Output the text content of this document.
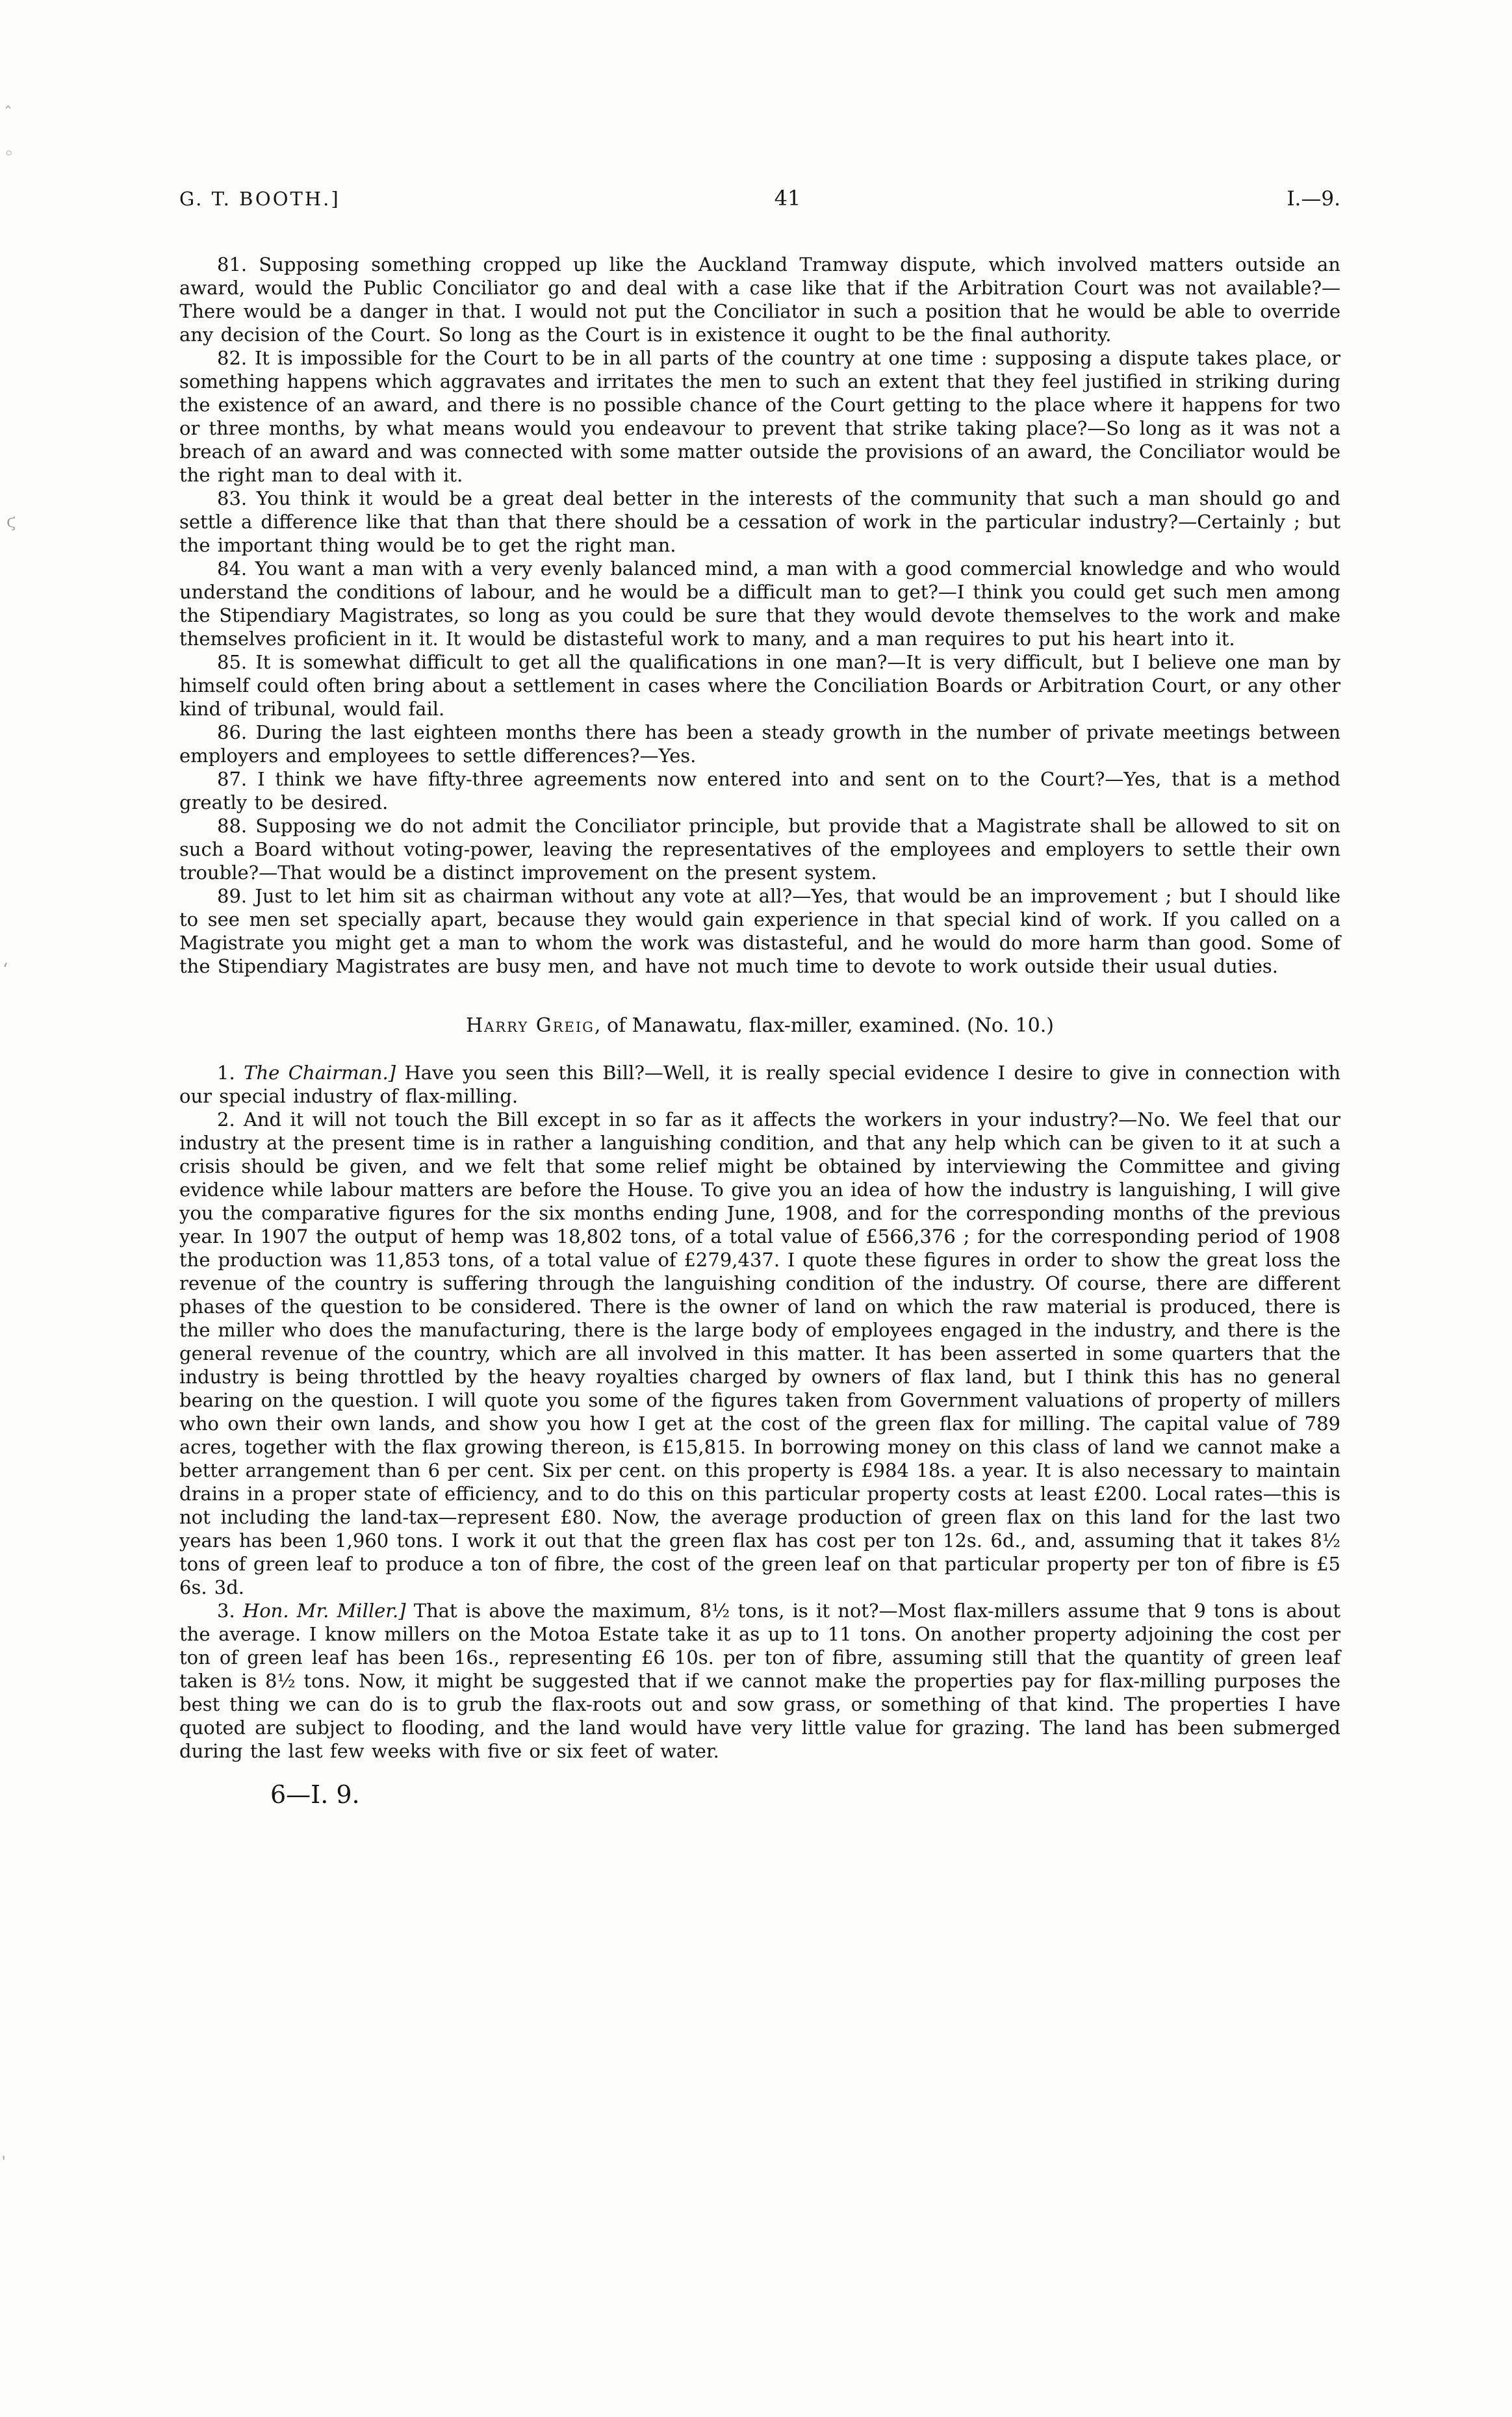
‸
◦
ϛ
ʻ
ˌ
G. T. BOOTH.]	41	I.—9.

81. Supposing something cropped up like the Auckland Tramway dispute, which involved matters outside an award, would the Public Conciliator go and deal with a case like that if the Arbitration Court was not available?—There would be a danger in that. I would not put the Conciliator in such a position that he would be able to override any decision of the Court. So long as the Court is in existence it ought to be the final authority.

82. It is impossible for the Court to be in all parts of the country at one time : supposing a dispute takes place, or something happens which aggravates and irritates the men to such an extent that they feel justified in striking during the existence of an award, and there is no possible chance of the Court getting to the place where it happens for two or three months, by what means would you endeavour to prevent that strike taking place?—So long as it was not a breach of an award and was connected with some matter outside the provisions of an award, the Conciliator would be the right man to deal with it.

83. You think it would be a great deal better in the interests of the community that such a man should go and settle a difference like that than that there should be a cessation of work in the particular industry?—Certainly ; but the important thing would be to get the right man.

84. You want a man with a very evenly balanced mind, a man with a good commercial knowledge and who would understand the conditions of labour, and he would be a difficult man to get?—I think you could get such men among the Stipendiary Magistrates, so long as you could be sure that they would devote themselves to the work and make themselves proficient in it. It would be distasteful work to many, and a man requires to put his heart into it.

85. It is somewhat difficult to get all the qualifications in one man?—It is very difficult, but I believe one man by himself could often bring about a settlement in cases where the Conciliation Boards or Arbitration Court, or any other kind of tribunal, would fail.

86. During the last eighteen months there has been a steady growth in the number of private meetings between employers and employees to settle differences?—Yes.

87. I think we have fifty-three agreements now entered into and sent on to the Court?—Yes, that is a method greatly to be desired.

88. Supposing we do not admit the Conciliator principle, but provide that a Magistrate shall be allowed to sit on such a Board without voting-power, leaving the representatives of the employees and employers to settle their own trouble?—That would be a distinct improvement on the present system.

89. Just to let him sit as chairman without any vote at all?—Yes, that would be an improvement ; but I should like to see men set specially apart, because they would gain experience in that special kind of work. If you called on a Magistrate you might get a man to whom the work was distasteful, and he would do more harm than good. Some of the Stipendiary Magistrates are busy men, and have not much time to devote to work outside their usual duties.

Harry Greig, of Manawatu, flax-miller, examined. (No. 10.)

1. The Chairman.] Have you seen this Bill?—Well, it is really special evidence I desire to give in connection with our special industry of flax-milling.

2. And it will not touch the Bill except in so far as it affects the workers in your industry?—No. We feel that our industry at the present time is in rather a languishing condition, and that any help which can be given to it at such a crisis should be given, and we felt that some relief might be obtained by interviewing the Committee and giving evidence while labour matters are before the House. To give you an idea of how the industry is languishing, I will give you the comparative figures for the six months ending June, 1908, and for the corresponding months of the previous year. In 1907 the output of hemp was 18,802 tons, of a total value of £566,376 ; for the corresponding period of 1908 the production was 11,853 tons, of a total value of £279,437. I quote these figures in order to show the great loss the revenue of the country is suffering through the languishing condition of the industry. Of course, there are different phases of the question to be considered. There is the owner of land on which the raw material is produced, there is the miller who does the manufacturing, there is the large body of employees engaged in the industry, and there is the general revenue of the country, which are all involved in this matter. It has been asserted in some quarters that the industry is being throttled by the heavy royalties charged by owners of flax land, but I think this has no general bearing on the question. I will quote you some of the figures taken from Government valuations of property of millers who own their own lands, and show you how I get at the cost of the green flax for milling. The capital value of 789 acres, together with the flax growing thereon, is £15,815. In borrowing money on this class of land we cannot make a better arrangement than 6 per cent. Six per cent. on this property is £984 18s. a year. It is also necessary to maintain drains in a proper state of efficiency, and to do this on this particular property costs at least £200. Local rates—this is not including the land-tax—represent £80. Now, the average production of green flax on this land for the last two years has been 1,960 tons. I work it out that the green flax has cost per ton 12s. 6d., and, assuming that it takes 8½ tons of green leaf to produce a ton of fibre, the cost of the green leaf on that particular property per ton of fibre is £5 6s. 3d.

3. Hon. Mr. Miller.] That is above the maximum, 8½ tons, is it not?—Most flax-millers assume that 9 tons is about the average. I know millers on the Motoa Estate take it as up to 11 tons. On another property adjoining the cost per ton of green leaf has been 16s., representing £6 10s. per ton of fibre, assuming still that the quantity of green leaf taken is 8½ tons. Now, it might be suggested that if we cannot make the properties pay for flax-milling purposes the best thing we can do is to grub the flax-roots out and sow grass, or something of that kind. The properties I have quoted are subject to flooding, and the land would have very little value for grazing. The land has been submerged during the last few weeks with five or six feet of water.

6—I. 9.
